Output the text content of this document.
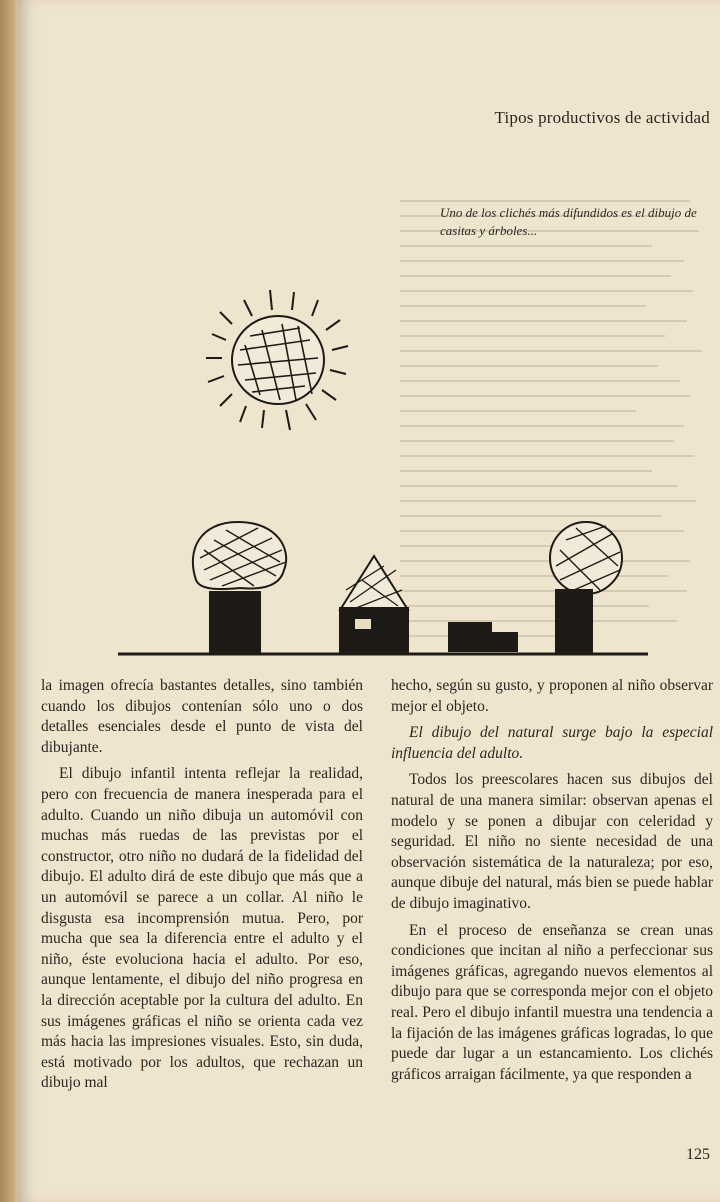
Tipos productivos de actividad
Uno de los clichés más difundidos es el dibujo de casitas y árboles...

la imagen ofrecía bastantes detalles, sino también cuando los dibujos contenían sólo uno o dos detalles esenciales desde el punto de vista del dibujante.

El dibujo infantil intenta reflejar la realidad, pero con frecuencia de manera inesperada para el adulto. Cuando un niño dibuja un automóvil con muchas más ruedas de las previstas por el constructor, otro niño no dudará de la fidelidad del dibujo. El adulto dirá de este dibujo que más que a un automóvil se parece a un collar. Al niño le disgusta esa incomprensión mutua. Pero, por mucha que sea la diferencia entre el adulto y el niño, éste evoluciona hacia el adulto. Por eso, aunque lentamente, el dibujo del niño progresa en la dirección aceptable por la cultura del adulto. En sus imágenes gráficas el niño se orienta cada vez más hacia las impresiones visuales. Esto, sin duda, está motivado por los adultos, que rechazan un dibujo mal

hecho, según su gusto, y proponen al niño observar mejor el objeto.

El dibujo del natural surge bajo la especial influencia del adulto.

Todos los preescolares hacen sus dibujos del natural de una manera similar: observan apenas el modelo y se ponen a dibujar con celeridad y seguridad. El niño no siente necesidad de una observación sistemática de la naturaleza; por eso, aunque dibuje del natural, más bien se puede hablar de dibujo imaginativo.

En el proceso de enseñanza se crean unas condiciones que incitan al niño a perfeccionar sus imágenes gráficas, agregando nuevos elementos al dibujo para que se corresponda mejor con el objeto real. Pero el dibujo infantil muestra una tendencia a la fijación de las imágenes gráficas logradas, lo que puede dar lugar a un estancamiento. Los clichés gráficos arraigan fácilmente, ya que responden a

125
